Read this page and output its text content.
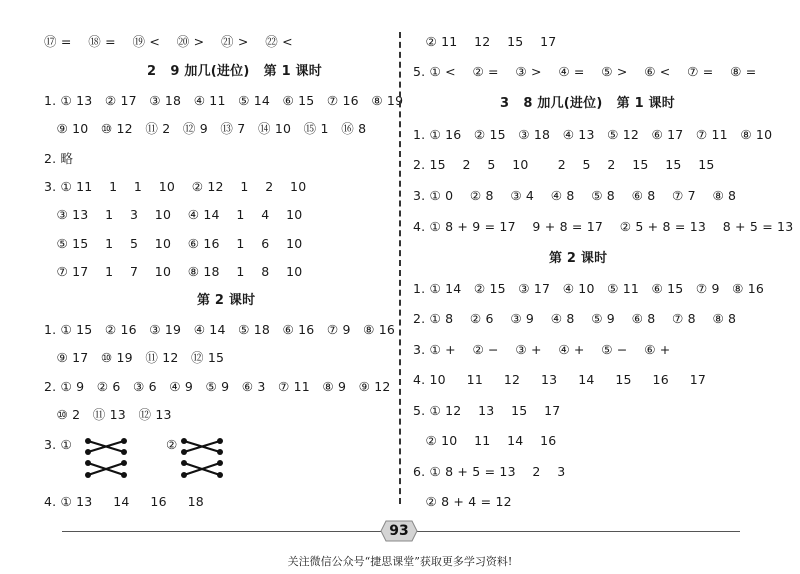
⑰ =    ⑱ =    ⑲ <    ⑳ >    ㉑ >    ㉒ <
2   9 加几(进位)   第 1 课时
1. ① 13   ② 17   ③ 18   ④ 11   ⑤ 14   ⑥ 15   ⑦ 16   ⑧ 19
⑨ 10   ⑩ 12   ⑪ 2   ⑫ 9   ⑬ 7   ⑭ 10   ⑮ 1   ⑯ 8
2. 略
3. ① 11    1    1    10    ② 12    1    2    10
③ 13    1    3    10    ④ 14    1    4    10
⑤ 15    1    5    10    ⑥ 16    1    6    10
⑦ 17    1    7    10    ⑧ 18    1    8    10
第 2 课时
1. ① 15   ② 16   ③ 19   ④ 14   ⑤ 18   ⑥ 16   ⑦ 9   ⑧ 16
⑨ 17   ⑩ 19   ⑪ 12   ⑫ 15
2. ① 9   ② 6   ③ 6   ④ 9   ⑤ 9   ⑥ 3   ⑦ 11   ⑧ 9   ⑨ 12
⑩ 2   ⑪ 13   ⑫ 13
3. ①	②
4. ① 13     14     16     18
② 11    12    15    17
5. ① <    ② =    ③ >    ④ =    ⑤ >    ⑥ <    ⑦ =    ⑧ =
3   8 加几(进位)   第 1 课时
1. ① 16   ② 15   ③ 18   ④ 13   ⑤ 12   ⑥ 17   ⑦ 11   ⑧ 10
2. 15    2    5    10       2    5    2    15    15    15
3. ① 0    ② 8    ③ 4    ④ 8    ⑤ 8    ⑥ 8    ⑦ 7    ⑧ 8
4. ① 8 + 9 = 17    9 + 8 = 17    ② 5 + 8 = 13    8 + 5 = 13
第 2 课时
1. ① 14   ② 15   ③ 17   ④ 10   ⑤ 11   ⑥ 15   ⑦ 9   ⑧ 16
2. ① 8    ② 6    ③ 9    ④ 8    ⑤ 9    ⑥ 8    ⑦ 8    ⑧ 8
3. ① +    ② −    ③ +    ④ +    ⑤ −    ⑥ +
4. 10     11     12     13     14     15     16     17
5. ① 12    13    15    17
② 10    11    14    16
6. ① 8 + 5 = 13    2    3
② 8 + 4 = 12
93
关注微信公众号“捷思课堂”获取更多学习资料!
